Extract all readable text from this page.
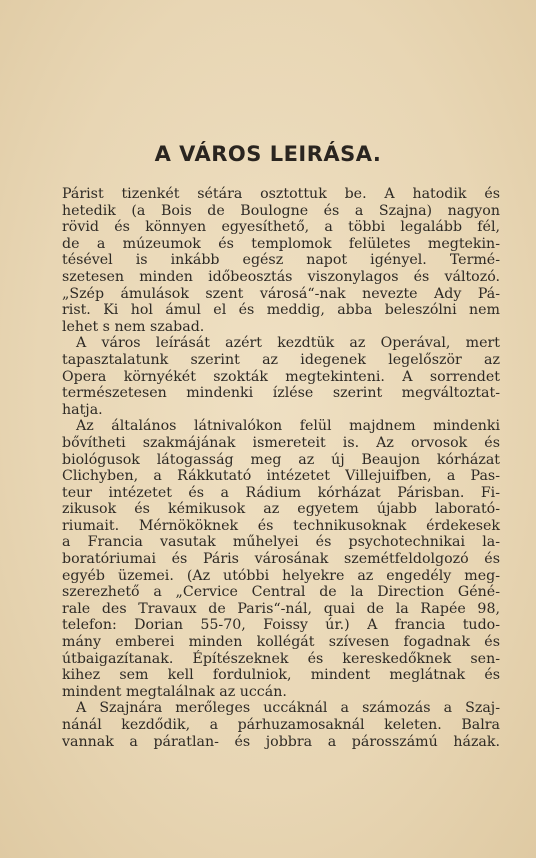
A VÁROS LEIRÁSA.
Párist tizenkét sétára osztottuk be. A hatodik és
hetedik (a Bois de Boulogne és a Szajna) nagyon
rövid és könnyen egyesíthető, a többi legalább fél,
de a múzeumok és templomok felületes megtekin-
tésével is inkább egész napot igényel. Termé-
szetesen minden időbeosztás viszonylagos és változó.
„Szép ámulások szent városá“-nak nevezte Ady Pá-
rist. Ki hol ámul el és meddig, abba beleszólni nem
lehet s nem szabad.
A város leírását azért kezdtük az Operával, mert
tapasztalatunk szerint az idegenek legelőször az
Opera környékét szokták megtekinteni. A sorrendet
természetesen mindenki ízlése szerint megváltoztat-
hatja.
Az általános látnivalókon felül majdnem mindenki
bővítheti szakmájának ismereteit is. Az orvosok és
biológusok látogasság meg az új Beaujon kórházat
Clichyben, a Rákkutató intézetet Villejuifben, a Pas-
teur intézetet és a Rádium kórházat Párisban. Fi-
zikusok és kémikusok az egyetem újabb laborató-
riumait. Mérnököknek és technikusoknak érdekesek
a Francia vasutak műhelyei és psychotechnikai la-
boratóriumai és Páris városának szemétfeldolgozó és
egyéb üzemei. (Az utóbbi helyekre az engedély meg-
szerezhető a „Cervice Central de la Direction Géné-
rale des Travaux de Paris“-nál, quai de la Rapée 98,
telefon: Dorian 55-70, Foissy úr.) A francia tudo-
mány emberei minden kollégát szívesen fogadnak és
útbaigazítanak. Építészeknek és kereskedőknek sen-
kihez sem kell fordulniok, mindent meglátnak és
mindent megtalálnak az uccán.
A Szajnára merőleges uccáknál a számozás a Szaj-
nánál kezdődik, a párhuzamosaknál keleten. Balra
vannak a páratlan- és jobbra a párosszámú házak.
